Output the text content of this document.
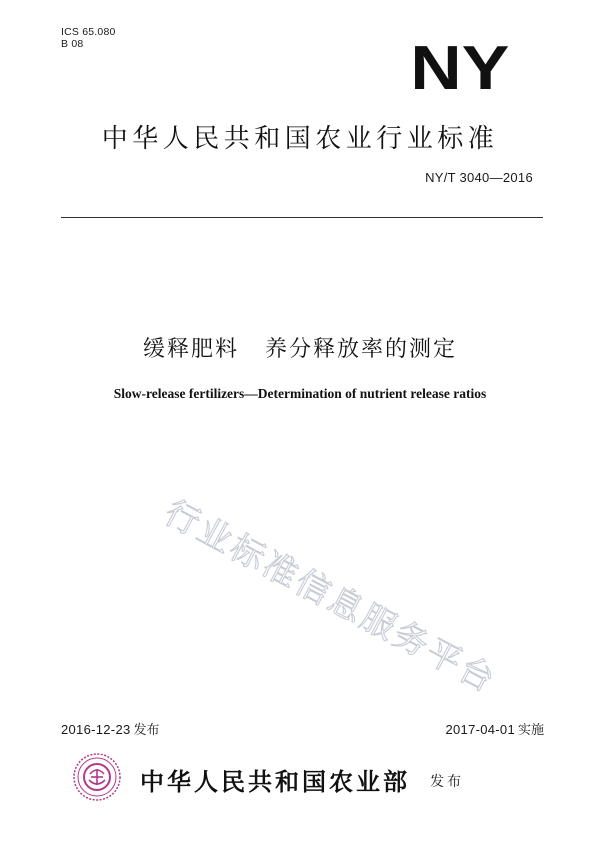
ICS 65.080
B 08	NY
中华人民共和国农业行业标准
NY/T 3040—2016
缓释肥料 养分释放率的测定
Slow-release fertilizers—Determination of nutrient release ratios
行业标准信息服务平台
2016-12-23 发布	2017-04-01 实施
中华人民共和国农业部 发布
